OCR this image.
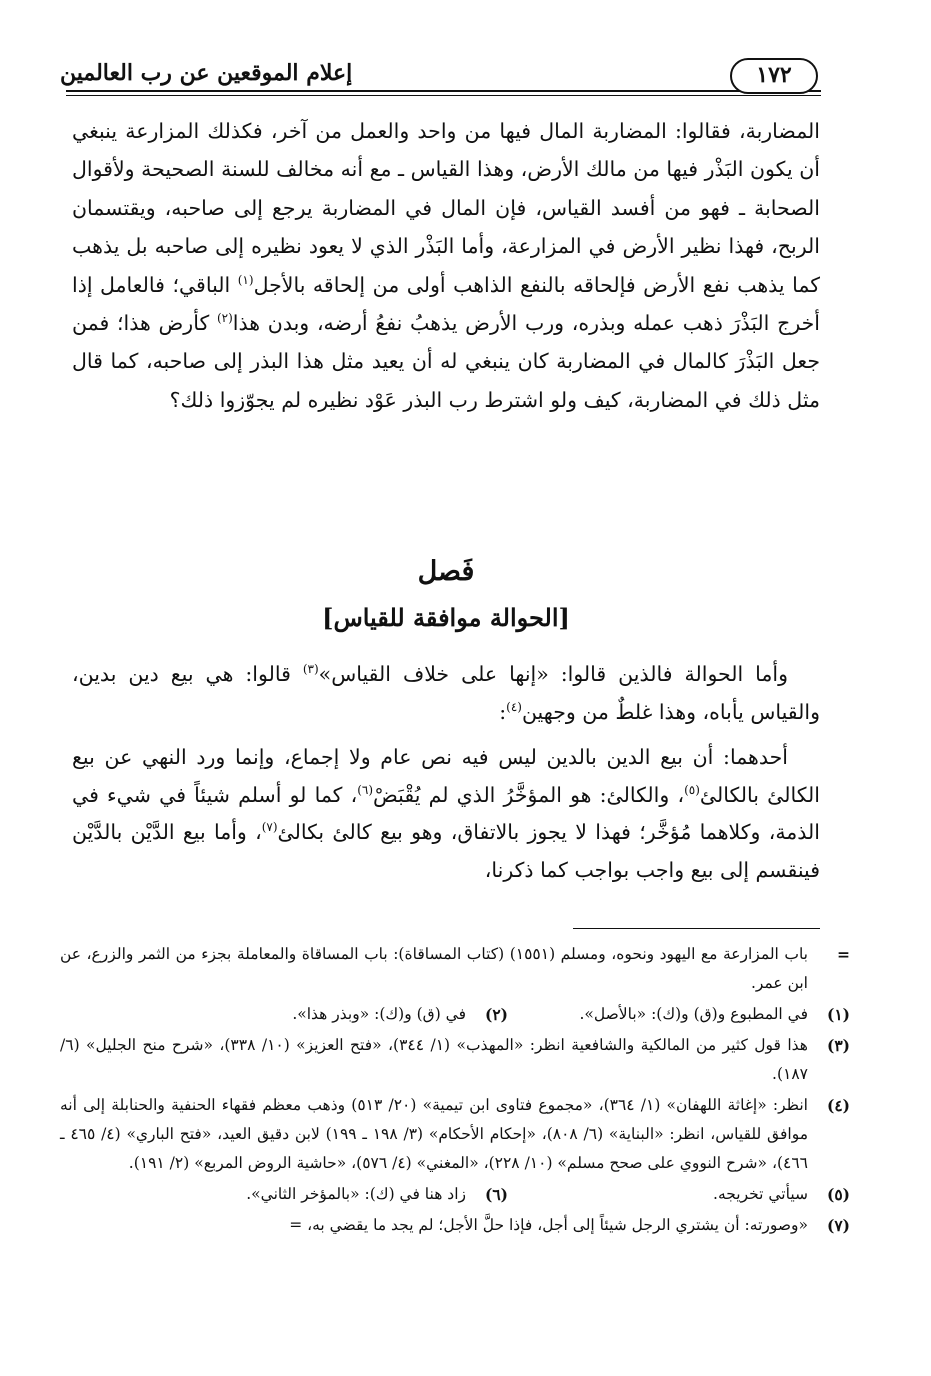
إعلام الموقعين عن رب العالمين	١٧٢

المضاربة، فقالوا: المضاربة المال فيها من واحد والعمل من آخر، فكذلك المزارعة ينبغي أن يكون البَذْر فيها من مالك الأرض، وهذا القياس ـ مع أنه مخالف للسنة الصحيحة ولأقوال الصحابة ـ فهو من أفسد القياس، فإن المال في المضاربة يرجع إلى صاحبه، ويقتسمان الربح، فهذا نظير الأرض في المزارعة، وأما البَذْر الذي لا يعود نظيره إلى صاحبه بل يذهب كما يذهب نفع الأرض فإلحاقه بالنفع الذاهب أولى من إلحاقه بالأجل$^{(١)}$ الباقي؛ فالعامل إذا أخرج البَذْرَ ذهب عمله وبذره، ورب الأرض يذهبُ نفعُ أرضه، وبدن هذا$^{(٢)}$ كأرض هذا؛ فمن جعل البَذْرَ كالمال في المضاربة كان ينبغي له أن يعيد مثل هذا البذر إلى صاحبه، كما قال مثل ذلك في المضاربة، كيف ولو اشترط رب البذر عَوْد نظيره لم يجوّزوا ذلك؟

فَصل
[الحوالة موافقة للقياس]

وأما الحوالة فالذين قالوا: «إنها على خلاف القياس»$^{(٣)}$ قالوا: هي بيع دين بدين، والقياس يأباه، وهذا غلطٌ من وجهين$^{(٤)}$:

أحدهما: أن بيع الدين بالدين ليس فيه نص عام ولا إجماع، وإنما ورد النهي عن بيع الكالئ بالكالئ$^{(٥)}$، والكالئ: هو المؤخَّرُ الذي لم يُقْبَضْ$^{(٦)}$، كما لو أسلم شيئاً في شيء في الذمة، وكلاهما مُؤخَّر؛ فهذا لا يجوز بالاتفاق، وهو بيع كالئ بكالئ$^{(٧)}$، وأما بيع الدَّيْن بالدَّيْن فينقسم إلى بيع واجب بواجب كما ذكرنا،

=
باب المزارعة مع اليهود ونحوه، ومسلم (١٥٥١) (كتاب المساقاة): باب المساقاة والمعاملة بجزء من الثمر والزرع، عن ابن عمر.
(١)
في المطبوع و(ق) و(ك): «بالأصل».
(٢)
في (ق) و(ك): «وبذر هذا».
(٣)
هذا قول كثير من المالكية والشافعية انظر: «المهذب» (١/ ٣٤٤)، «فتح العزيز» (١٠/ ٣٣٨)، «شرح منح الجليل» (٦/ ١٨٧).
(٤)
انظر: «إغاثة اللهفان» (١/ ٣٦٤)، «مجموع فتاوى ابن تيمية» (٢٠/ ٥١٣) وذهب معظم فقهاء الحنفية والحنابلة إلى أنه موافق للقياس، انظر: «البناية» (٦/ ٨٠٨)، «إحكام الأحكام» (٣/ ١٩٨ ـ ١٩٩) لابن دقيق العيد، «فتح الباري» (٤/ ٤٦٥ ـ ٤٦٦)، «شرح النووي على صحح مسلم» (١٠/ ٢٢٨)، «المغني» (٤/ ٥٧٦)، «حاشية الروض المربع» (٢/ ١٩١).
(٥)
سيأتي تخريجه.
(٦)
زاد هنا في (ك): «بالمؤخر الثاني».
(٧)
«وصورته: أن يشتري الرجل شيئاً إلى أجل، فإذا حلَّ الأجل؛ لم يجد ما يقضي به، =
